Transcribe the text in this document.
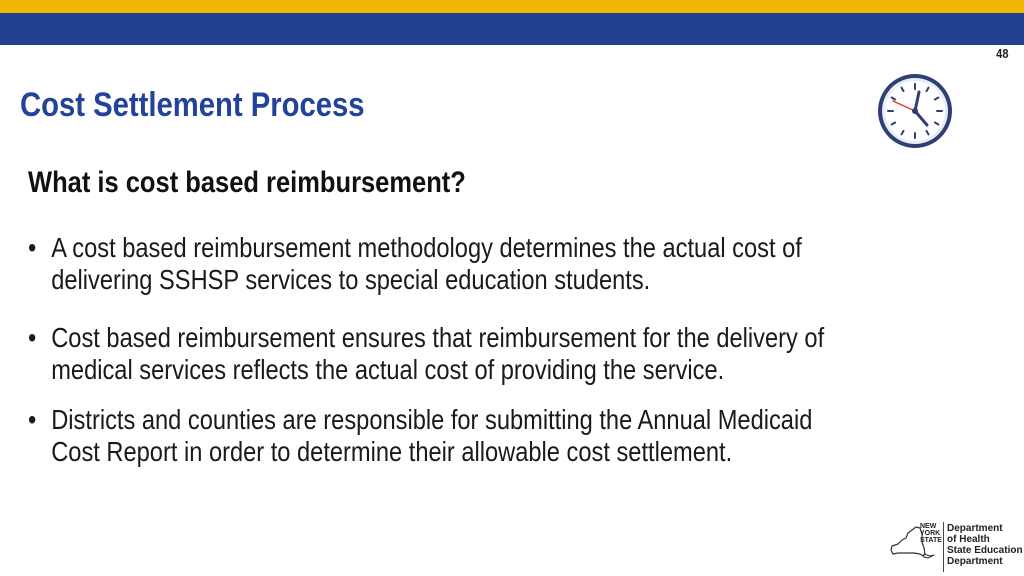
48
Cost Settlement Process
What is cost based reimbursement?
• A cost based reimbursement methodology determines the actual cost of
delivering SSHSP services to special education students.
• Cost based reimbursement ensures that reimbursement for the delivery of
medical services reflects the actual cost of providing the service.
• Districts and counties are responsible for submitting the Annual Medicaid
Cost Report in order to determine their allowable cost settlement.
NEW
YORK
STATE
Department
of Health
State Education
Department
